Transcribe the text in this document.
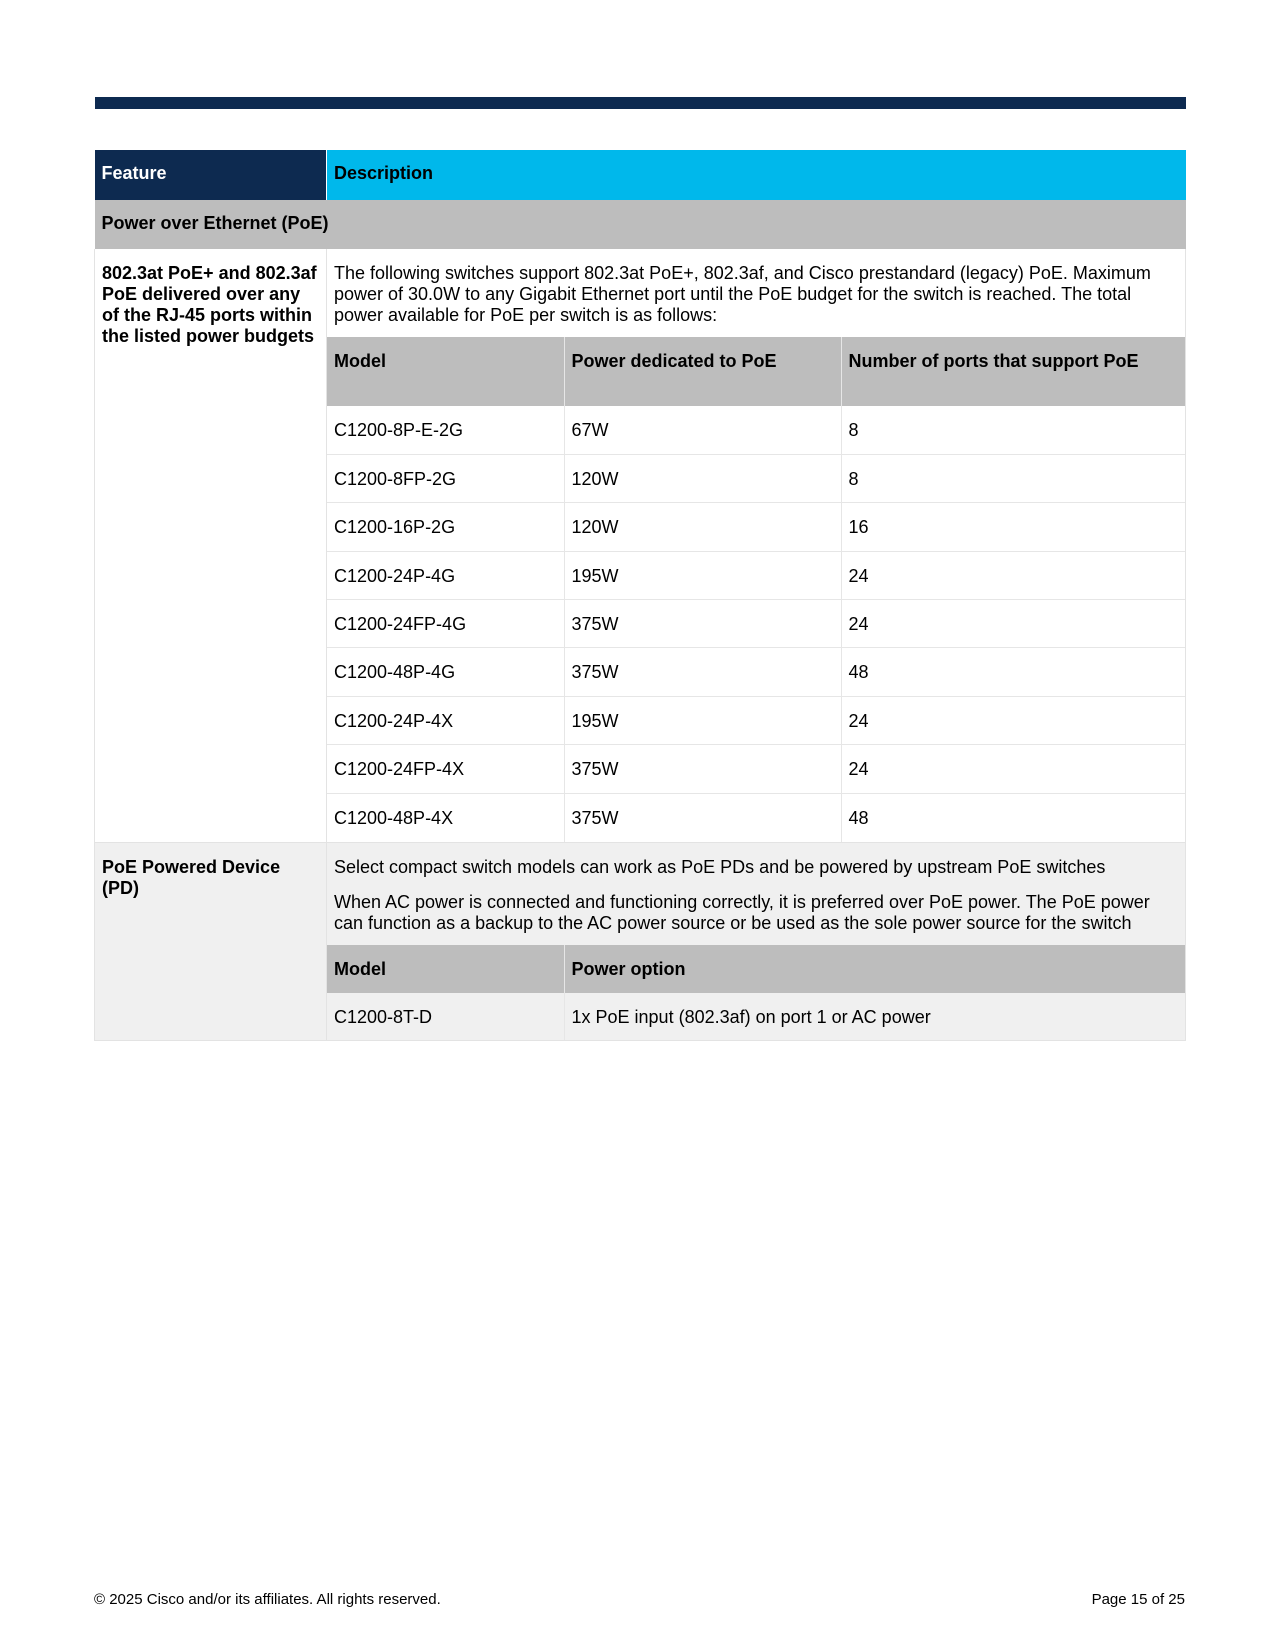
Feature	Description
Power over Ethernet (PoE)
802.3at PoE+ and 802.3af PoE delivered over any of the RJ-45 ports within the listed power budgets	
The following switches support 802.3at PoE+, 802.3af, and Cisco prestandard (legacy) PoE. Maximum power of 30.0W to any Gigabit Ethernet port until the PoE budget for the switch is reached. The total power available for PoE per switch is as follows:
Model	Power dedicated to PoE	Number of ports that support PoE
C1200-8P-E-2G	67W	8
C1200-8FP-2G	120W	8
C1200-16P-2G	120W	16
C1200-24P-4G	195W	24
C1200-24FP-4G	375W	24
C1200-48P-4G	375W	48
C1200-24P-4X	195W	24
C1200-24FP-4X	375W	24
C1200-48P-4X	375W	48

PoE Powered Device (PD)	

Select compact switch models can work as PoE PDs and be powered by upstream PoE switches

When AC power is connected and functioning correctly, it is preferred over PoE power. The PoE power can function as a backup to the AC power source or be used as the sole power source for the switch

Model	Power option
C1200-8T-D	1x PoE input (802.3af) on port 1 or AC power
© 2025 Cisco and/or its affiliates. All rights reserved.	Page 15 of 25
